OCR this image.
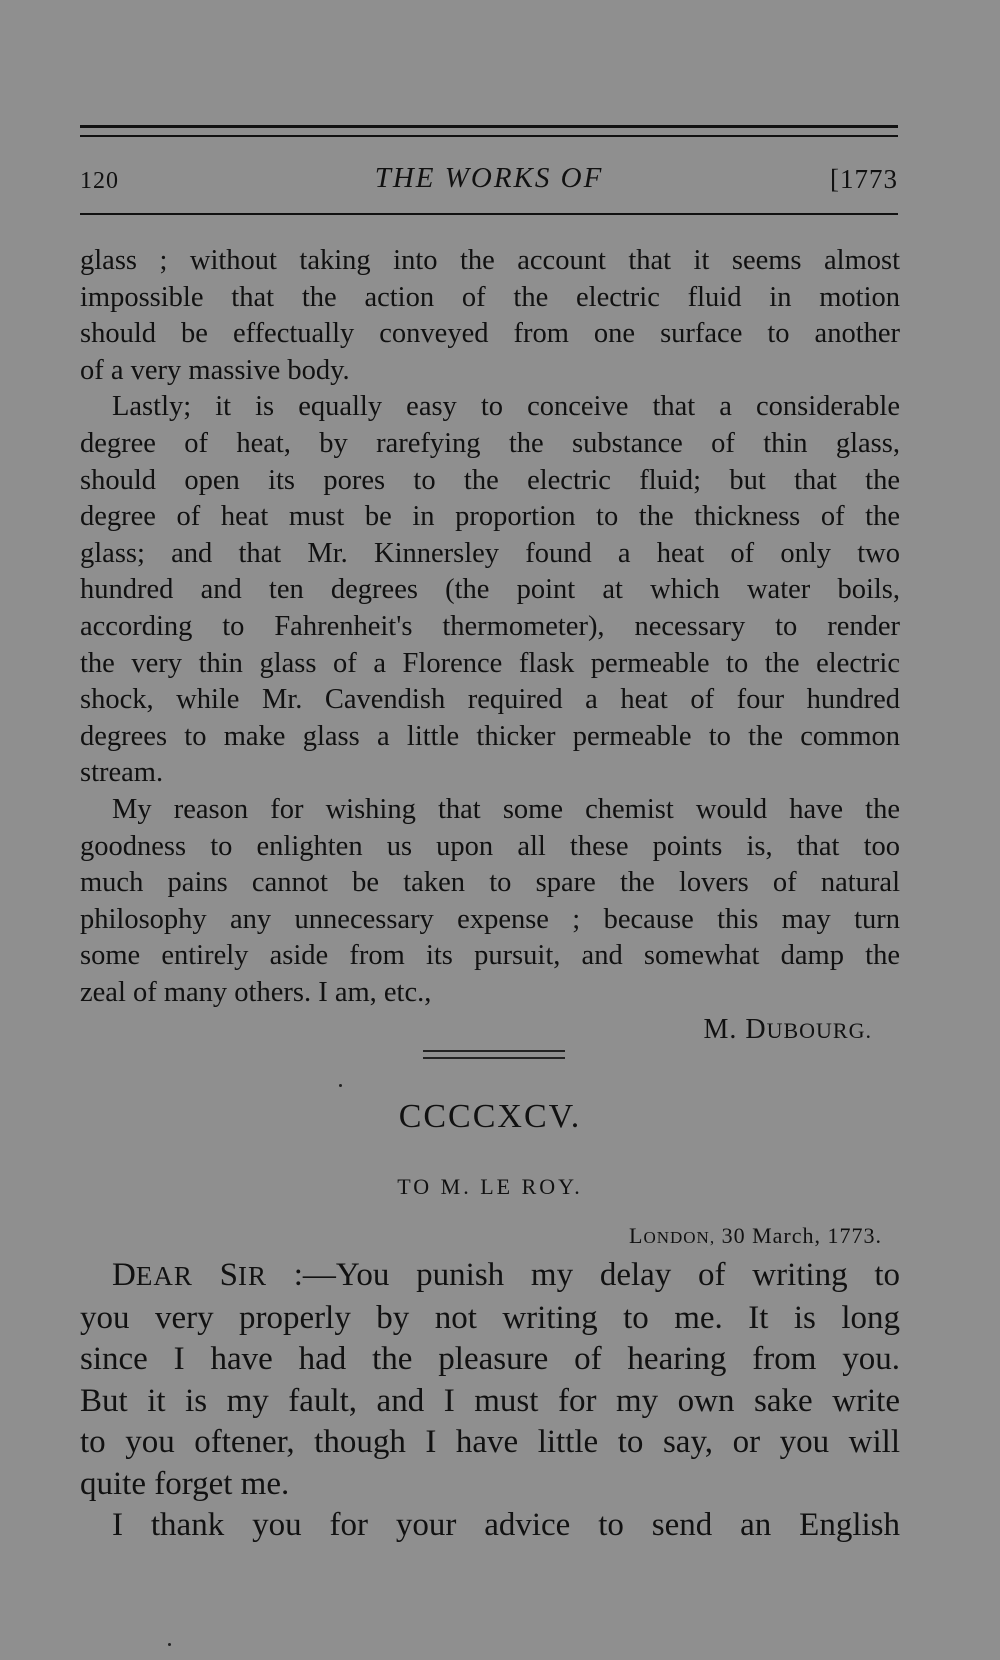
120	THE WORKS OF	[1773

glass ; without taking into the account that it seems almost
impossible that the action of the electric fluid in motion
should be effectually conveyed from one surface to another
of a very massive body.

Lastly; it is equally easy to conceive that a considerable
degree of heat, by rarefying the substance of thin glass,
should open its pores to the electric fluid; but that the
degree of heat must be in proportion to the thickness of the
glass; and that Mr. Kinnersley found a heat of only two
hundred and ten degrees (the point at which water boils,
according to Fahrenheit's thermometer), necessary to render
the very thin glass of a Florence flask permeable to the electric
shock, while Mr. Cavendish required a heat of four hundred
degrees to make glass a little thicker permeable to the common
stream.

My reason for wishing that some chemist would have the
goodness to enlighten us upon all these points is, that too
much pains cannot be taken to spare the lovers of natural
philosophy any unnecessary expense ; because this may turn
some entirely aside from its pursuit, and somewhat damp the
zeal of many others. I am, etc.,

M. DUBOURG.
CCCCXCV.
TO M. LE ROY.
LONDON, 30 March, 1773.

DEAR SIR :—You punish my delay of writing to
you very properly by not writing to me. It is long
since I have had the pleasure of hearing from you.
But it is my fault, and I must for my own sake write
to you oftener, though I have little to say, or you will
quite forget me.

I thank you for your advice to send an English
